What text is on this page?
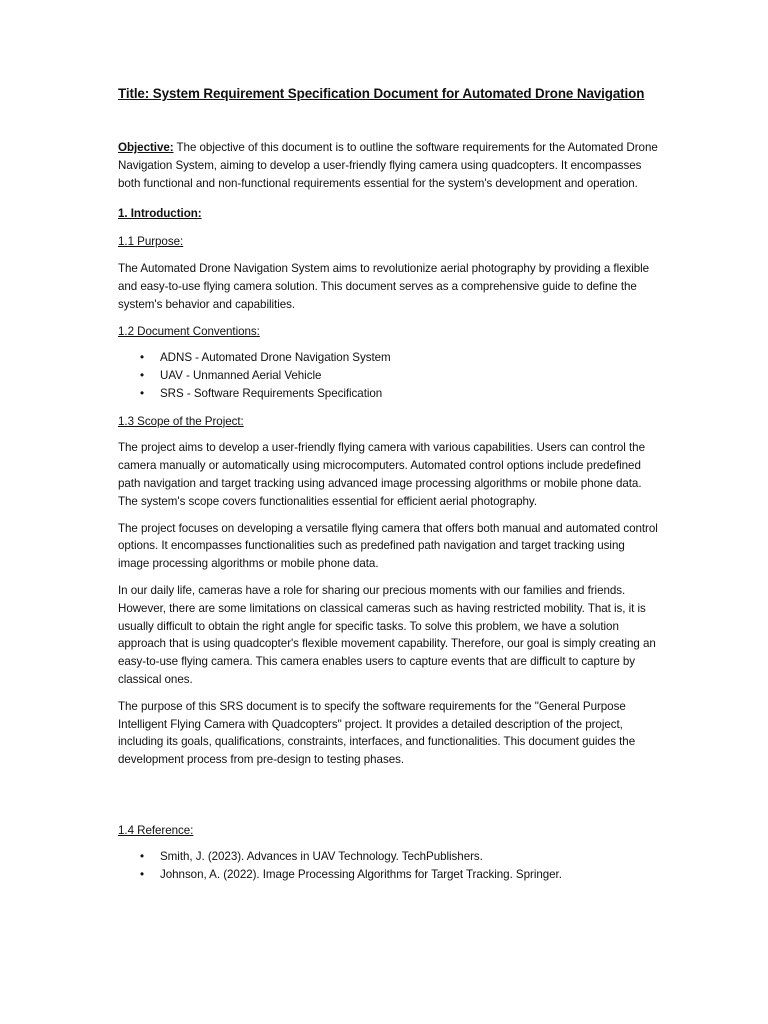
Title: System Requirement Specification Document for Automated Drone Navigation

Objective: The objective of this document is to outline the software requirements for the Automated Drone Navigation System, aiming to develop a user-friendly flying camera using quadcopters. It encompasses both functional and non-functional requirements essential for the system's development and operation.

1. Introduction:

1.1 Purpose:

The Automated Drone Navigation System aims to revolutionize aerial photography by providing a flexible and easy-to-use flying camera solution. This document serves as a comprehensive guide to define the system's behavior and capabilities.

1.2 Document Conventions:

• ADNS - Automated Drone Navigation System
• UAV - Unmanned Aerial Vehicle
• SRS - Software Requirements Specification

1.3 Scope of the Project:

The project aims to develop a user-friendly flying camera with various capabilities. Users can control the camera manually or automatically using microcomputers. Automated control options include predefined path navigation and target tracking using advanced image processing algorithms or mobile phone data. The system's scope covers functionalities essential for efficient aerial photography.

The project focuses on developing a versatile flying camera that offers both manual and automated control options. It encompasses functionalities such as predefined path navigation and target tracking using image processing algorithms or mobile phone data.

In our daily life, cameras have a role for sharing our precious moments with our families and friends. However, there are some limitations on classical cameras such as having restricted mobility. That is, it is usually difficult to obtain the right angle for specific tasks. To solve this problem, we have a solution approach that is using quadcopter's flexible movement capability. Therefore, our goal is simply creating an easy-to-use flying camera. This camera enables users to capture events that are difficult to capture by classical ones.

The purpose of this SRS document is to specify the software requirements for the "General Purpose Intelligent Flying Camera with Quadcopters" project. It provides a detailed description of the project, including its goals, qualifications, constraints, interfaces, and functionalities. This document guides the development process from pre-design to testing phases.

1.4 Reference:

• Smith, J. (2023). Advances in UAV Technology. TechPublishers.
• Johnson, A. (2022). Image Processing Algorithms for Target Tracking. Springer.
